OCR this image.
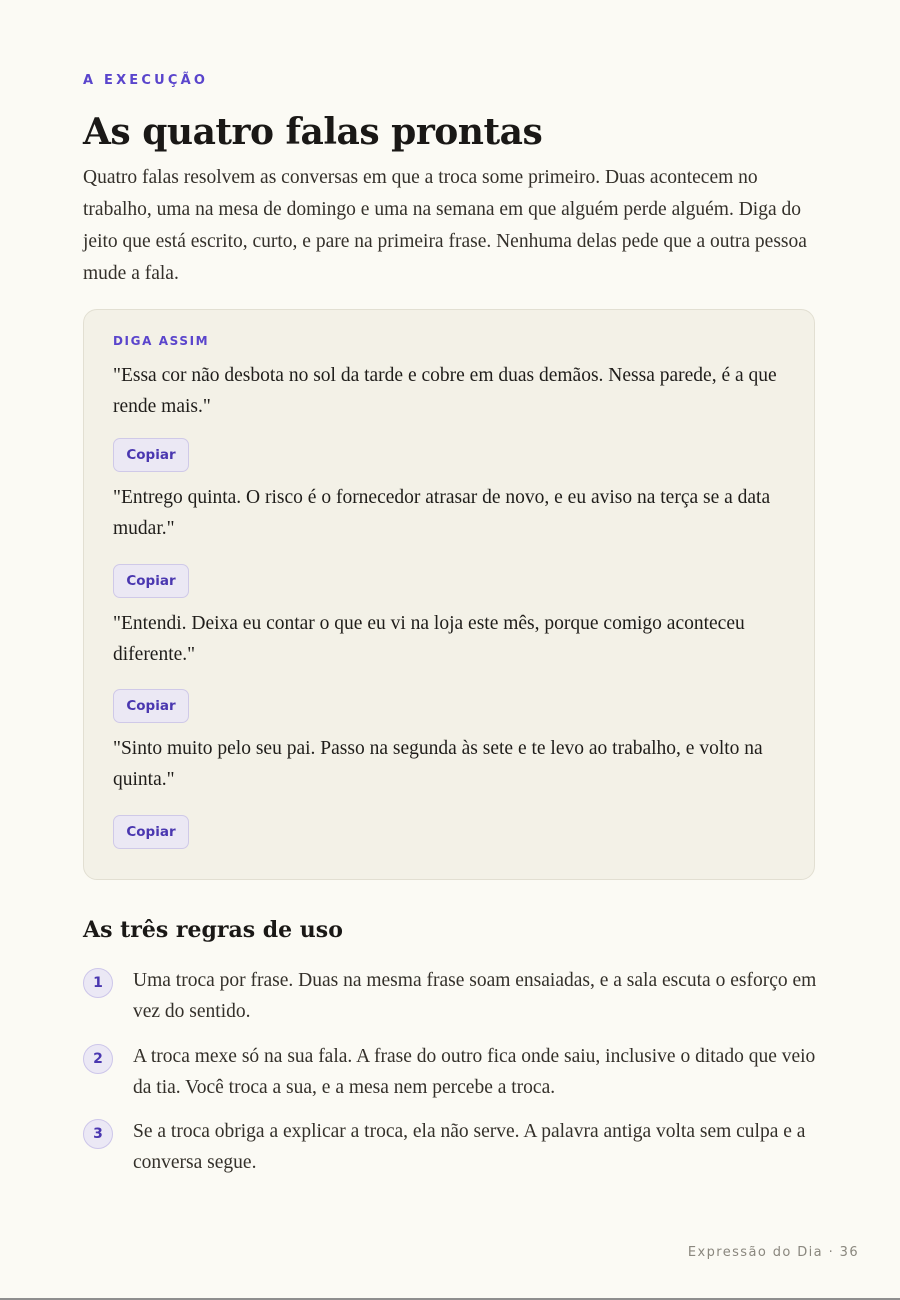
A EXECUÇÃO

As quatro falas prontas

Quatro falas resolvem as conversas em que a troca some primeiro. Duas acontecem no trabalho, uma na mesa de domingo e uma na semana em que alguém perde alguém. Diga do jeito que está escrito, curto, e pare na primeira frase. Nenhuma delas pede que a outra pessoa mude a fala.

DIGA ASSIM

"Essa cor não desbota no sol da tarde e cobre em duas demãos. Nessa parede, é a que rende mais."

Copiar

"Entrego quinta. O risco é o fornecedor atrasar de novo, e eu aviso na terça se a data mudar."

Copiar

"Entendi. Deixa eu contar o que eu vi na loja este mês, porque comigo aconteceu diferente."

Copiar

"Sinto muito pelo seu pai. Passo na segunda às sete e te levo ao trabalho, e volto na quinta."

Copiar
As três regras de uso
1	Uma troca por frase. Duas na mesma frase soam ensaiadas, e a sala escuta o esforço em vez do sentido.

2	A troca mexe só na sua fala. A frase do outro fica onde saiu, inclusive o ditado que veio da tia. Você troca a sua, e a mesa nem percebe a troca.

3	Se a troca obriga a explicar a troca, ela não serve. A palavra antiga volta sem culpa e a conversa segue.

Expressão do Dia · 36
